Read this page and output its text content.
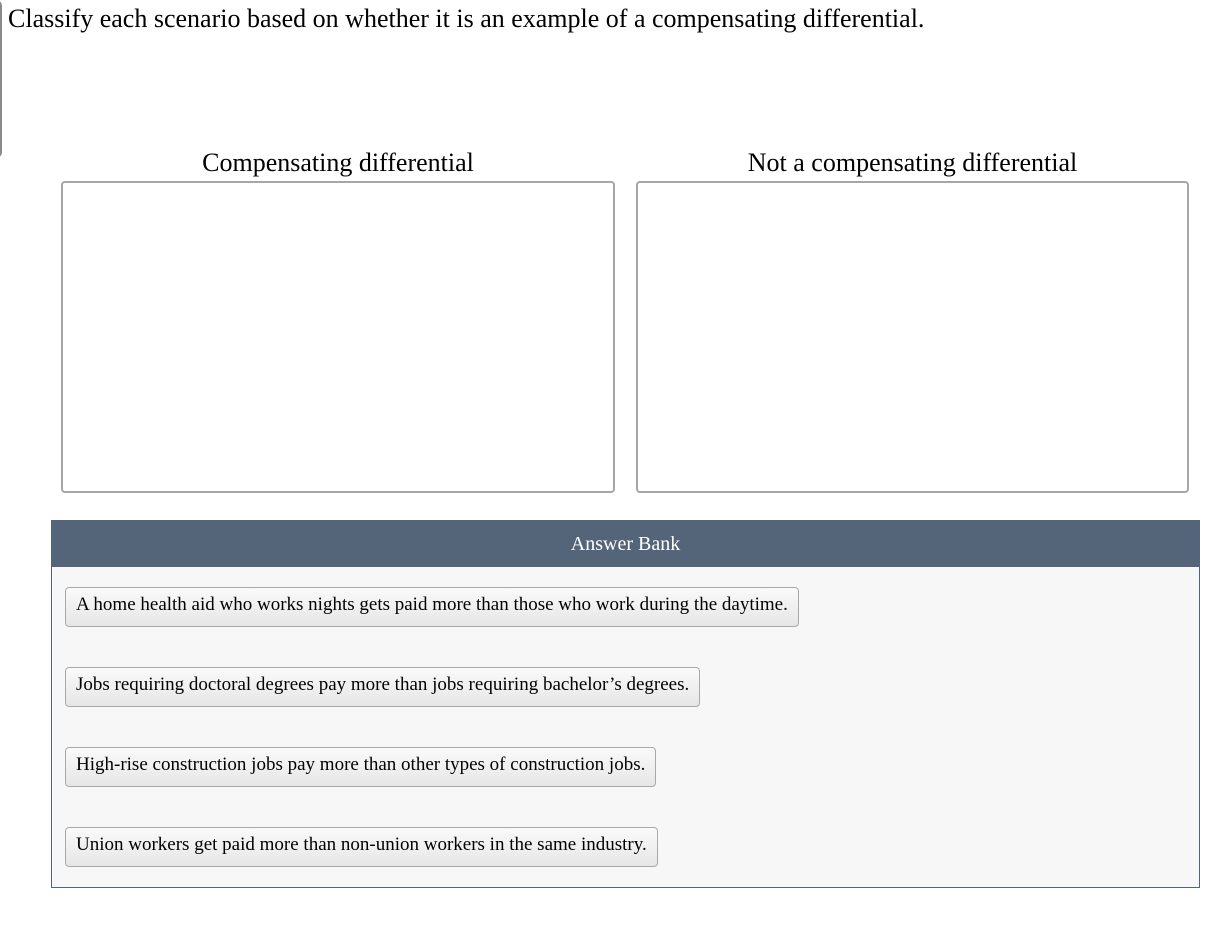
Attempt 1 Classify each scenario based on whether it is an example of a compensating differential.
Compensating differential	Not a compensating differential
Answer Bank
A home health aid who works nights gets paid more than those who work during the daytime.
Jobs requiring doctoral degrees pay more than jobs requiring bachelor’s degrees.
High-rise construction jobs pay more than other types of construction jobs.
Union workers get paid more than non-union workers in the same industry.
